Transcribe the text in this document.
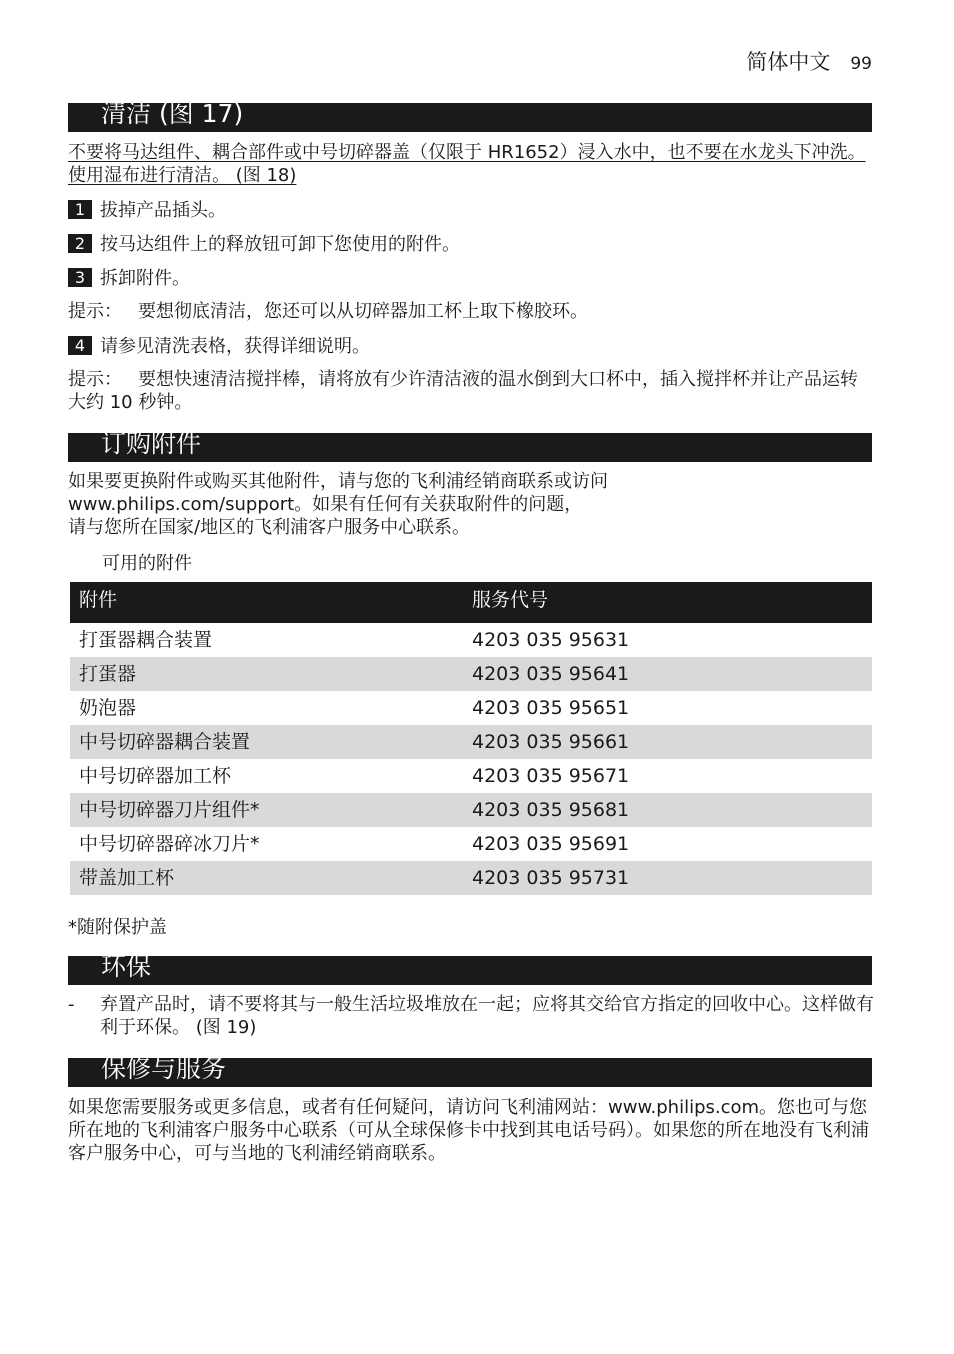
简体中文 99
清洁 (图 17)

不要将马达组件、耦合部件或中号切碎器盖（仅限于 HR1652）浸入水中，也不要在水龙头下冲洗。使用湿布进行清洁。 (图 18)

1 拔掉产品插头。
2 按马达组件上的释放钮可卸下您使用的附件。
3 拆卸附件。
提示： 要想彻底清洁，您还可以从切碎器加工杯上取下橡胶环。
4 请参见清洗表格，获得详细说明。
提示： 要想快速清洁搅拌棒，请将放有少许清洁液的温水倒到大口杯中，插入搅拌杯并让产品运转大约 10 秒钟。
订购附件
如果要更换附件或购买其他附件，请与您的飞利浦经销商联系或访问
www.philips.com/support。如果有任何有关获取附件的问题，
请与您所在国家/地区的飞利浦客户服务中心联系。
可用的附件
附件	服务代号
打蛋器耦合装置	4203 035 95631
打蛋器	4203 035 95641
奶泡器	4203 035 95651
中号切碎器耦合装置	4203 035 95661
中号切碎器加工杯	4203 035 95671
中号切碎器刀片组件*	4203 035 95681
中号切碎器碎冰刀片*	4203 035 95691
带盖加工杯	4203 035 95731
*随附保护盖
环保
- 弃置产品时，请不要将其与一般生活垃圾堆放在一起；应将其交给官方指定的回收中心。这样做有利于环保。 (图 19)
保修与服务

如果您需要服务或更多信息，或者有任何疑问，请访问飞利浦网站：www.philips.com。您也可与您所在地的飞利浦客户服务中心联系（可从全球保修卡中找到其电话号码）。如果您的所在地没有飞利浦客户服务中心，可与当地的飞利浦经销商联系。
